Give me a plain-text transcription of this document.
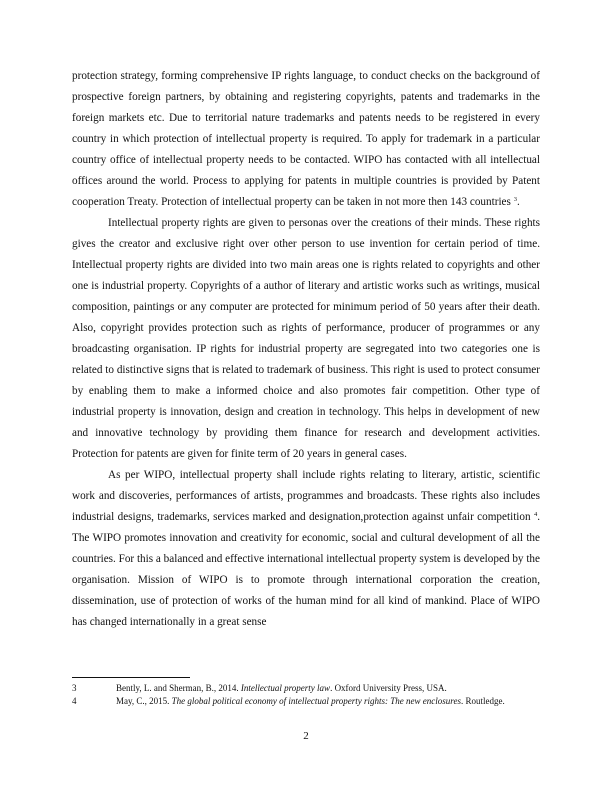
protection strategy, forming comprehensive IP rights language, to conduct checks on the background of prospective foreign partners, by obtaining and registering copyrights, patents and trademarks in the foreign markets etc. Due to territorial nature trademarks and patents needs to be registered in every country in which protection of intellectual property is required. To apply for trademark in a particular country office of intellectual property needs to be contacted. WIPO has contacted with all intellectual offices around the world. Process to applying for patents in multiple countries is provided by Patent cooperation Treaty. Protection of intellectual property can be taken in not more then 143 countries $^3$.

Intellectual property rights are given to personas over the creations of their minds. These rights gives the creator and exclusive right over other person to use invention for certain period of time. Intellectual property rights are divided into two main areas one is rights related to copyrights and other one is industrial property. Copyrights of a author of literary and artistic works such as writings, musical composition, paintings or any computer are protected for minimum period of 50 years after their death. Also, copyright provides protection such as rights of performance, producer of programmes or any broadcasting organisation. IP rights for industrial property are segregated into two categories one is related to distinctive signs that is related to trademark of business. This right is used to protect consumer by enabling them to make a informed choice and also promotes fair competition. Other type of industrial property is innovation, design and creation in technology. This helps in development of new and innovative technology by providing them finance for research and development activities. Protection for patents are given for finite term of 20 years in general cases.

As per WIPO, intellectual property shall include rights relating to literary, artistic, scientific work and discoveries, performances of artists, programmes and broadcasts. These rights also includes industrial designs, trademarks, services marked and designation,protection against unfair competition $^4$. The WIPO promotes innovation and creativity for economic, social and cultural development of all the countries. For this a balanced and effective international intellectual property system is developed by the organisation. Mission of WIPO is to promote through international corporation the creation, dissemination, use of protection of works of the human mind for all kind of mankind. Place of WIPO has changed internationally in a great sense

3	Bently, L. and Sherman, B., 2014. Intellectual property law. Oxford University Press, USA.
4	May, C., 2015. The global political economy of intellectual property rights: The new enclosures. Routledge.
2
